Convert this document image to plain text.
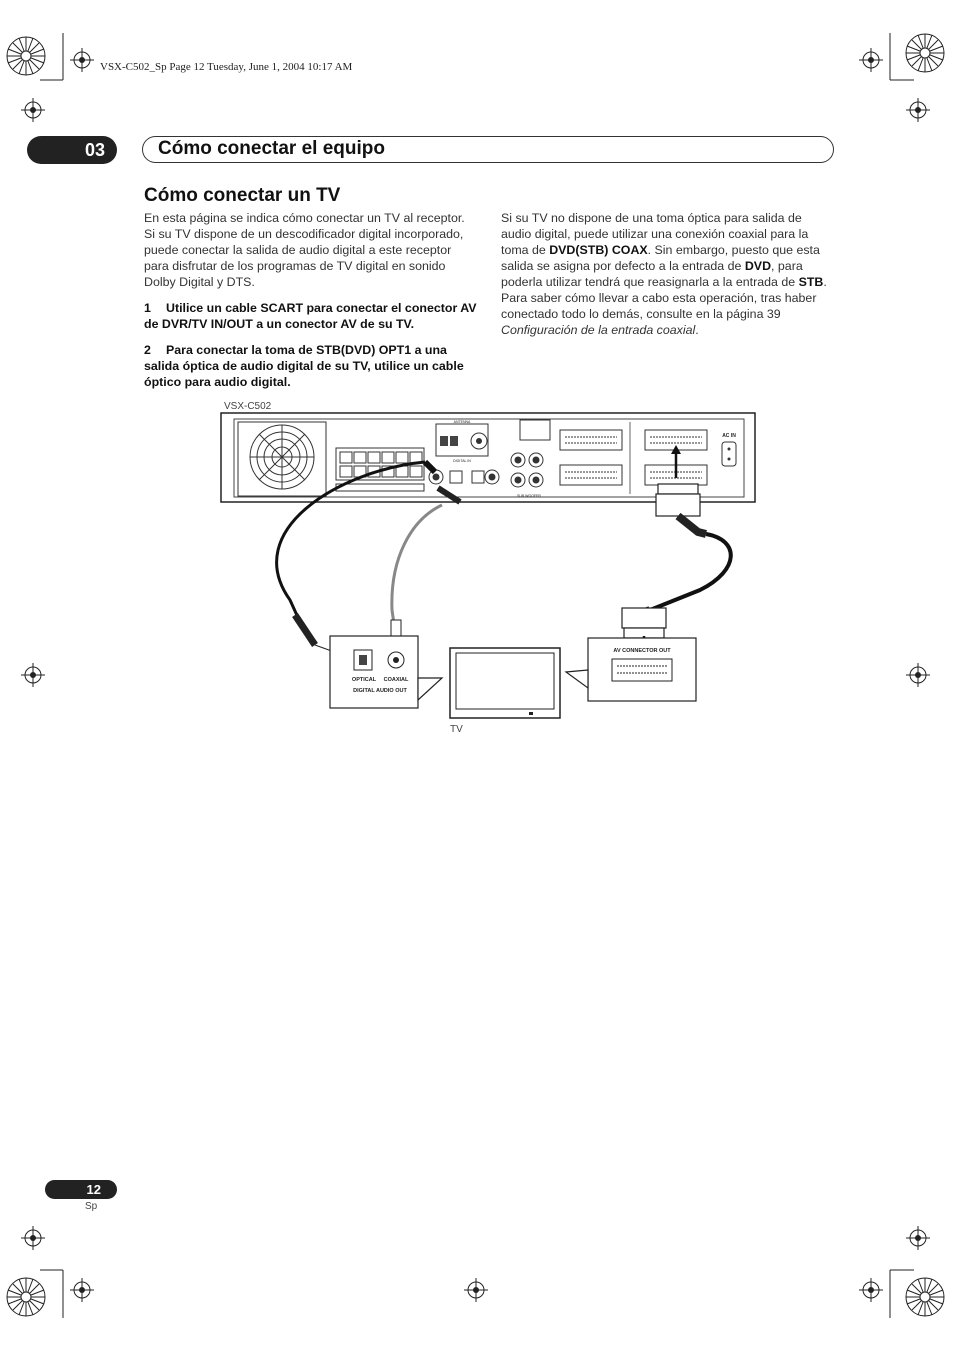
VSX-C502_Sp Page 12 Tuesday, June 1, 2004 10:17 AM
03	Cómo conectar el equipo
Cómo conectar un TV

En esta página se indica cómo conectar un TV al receptor. Si su TV dispone de un descodificador digital incorporado, puede conectar la salida de audio digital a este receptor para disfrutar de los programas de TV digital en sonido Dolby Digital y DTS.

1 Utilice un cable SCART para conectar el conector AV de DVR/TV IN/OUT a un conector AV de su TV.

2 Para conectar la toma de STB(DVD) OPT1 a una salida óptica de audio digital de su TV, utilice un cable óptico para audio digital.

Si su TV no dispone de una toma óptica para salida de audio digital, puede utilizar una conexión coaxial para la toma de DVD(STB) COAX. Sin embargo, puesto que esta salida se asigna por defecto a la entrada de DVD, para poderla utilizar tendrá que reasignarla a la entrada de STB. Para saber cómo llevar a cabo esta operación, tras haber conectado todo lo demás, consulte en la página 39 Configuración de la entrada coaxial.

VSX-C502
TV
ANTENNA
DIGITAL IN
SUB WOOFER
AC IN
OPTICAL COAXIAL
DIGITAL AUDIO OUT
AV CONNECTOR OUT
12
Sp
